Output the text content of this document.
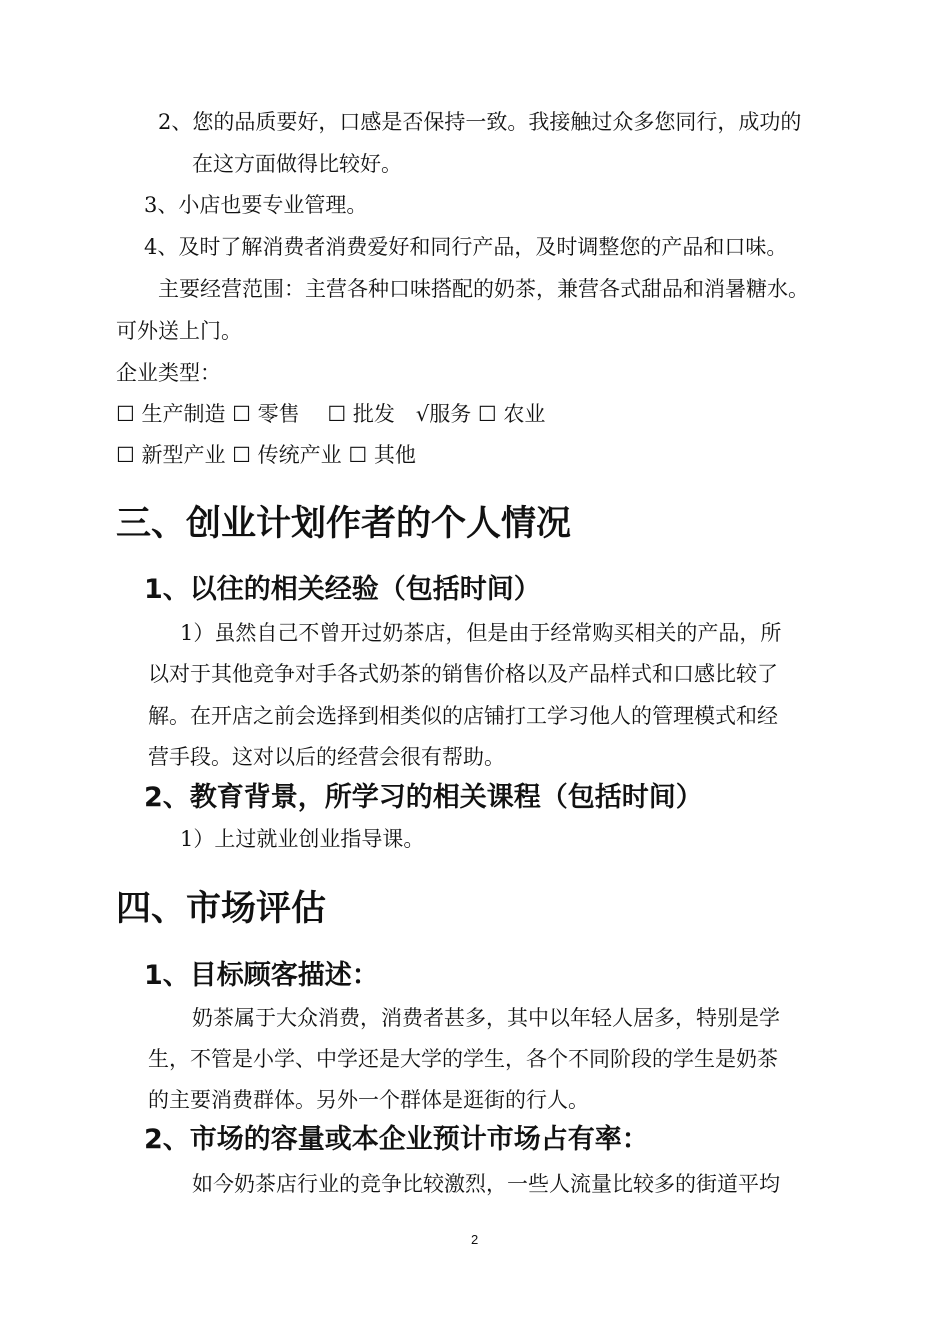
2、您的品质要好，口感是否保持一致。我接触过众多您同行，成功的
在这方面做得比较好。
3、小店也要专业管理。
4、及时了解消费者消费爱好和同行产品，及时调整您的产品和口味。
主要经营范围：主营各种口味搭配的奶茶，兼营各式甜品和消暑糖水。
可外送上门。
企业类型：
☐ 生产制造 ☐ 零售　 ☐ 批发　√服务 ☐ 农业
☐ 新型产业 ☐ 传统产业 ☐ 其他
三、创业计划作者的个人情况
1、以往的相关经验（包括时间）
1）虽然自己不曾开过奶茶店，但是由于经常购买相关的产品，所
以对于其他竞争对手各式奶茶的销售价格以及产品样式和口感比较了
解。在开店之前会选择到相类似的店铺打工学习他人的管理模式和经
营手段。这对以后的经营会很有帮助。
2、教育背景，所学习的相关课程（包括时间）
1）上过就业创业指导课。
四、市场评估
1、目标顾客描述：
奶茶属于大众消费，消费者甚多，其中以年轻人居多，特别是学
生，不管是小学、中学还是大学的学生，各个不同阶段的学生是奶茶
的主要消费群体。另外一个群体是逛街的行人。
2、市场的容量或本企业预计市场占有率：
如今奶茶店行业的竞争比较激烈，一些人流量比较多的街道平均
2
